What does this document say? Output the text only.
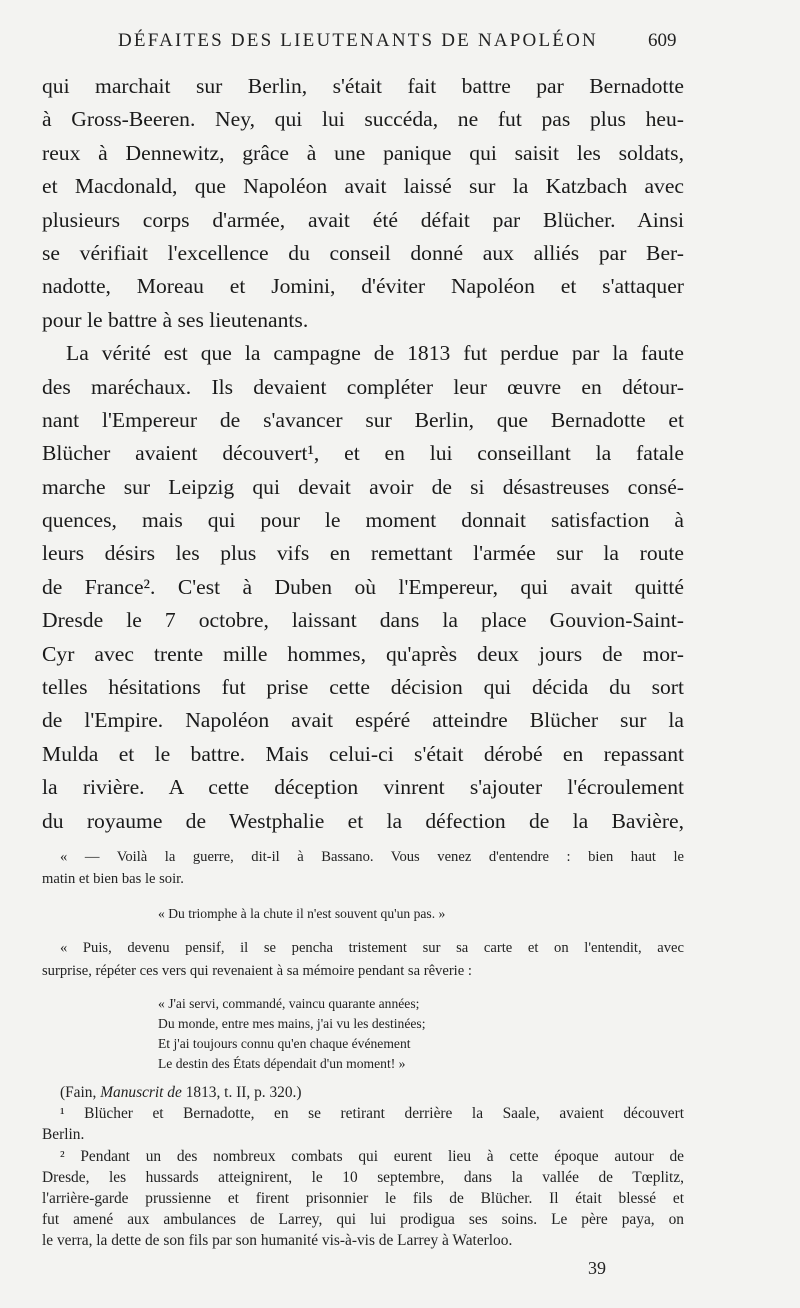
DÉFAITES DES LIEUTENANTS DE NAPOLÉON	609
qui marchait sur Berlin, s'était fait battre par Bernadotte
à Gross-Beeren. Ney, qui lui succéda, ne fut pas plus heu-
reux à Dennewitz, grâce à une panique qui saisit les soldats,
et Macdonald, que Napoléon avait laissé sur la Katzbach avec
plusieurs corps d'armée, avait été défait par Blücher. Ainsi
se vérifiait l'excellence du conseil donné aux alliés par Ber-
nadotte, Moreau et Jomini, d'éviter Napoléon et s'attaquer
pour le battre à ses lieutenants.
La vérité est que la campagne de 1813 fut perdue par la faute
des maréchaux. Ils devaient compléter leur œuvre en détour-
nant l'Empereur de s'avancer sur Berlin, que Bernadotte et
Blücher avaient découvert¹, et en lui conseillant la fatale
marche sur Leipzig qui devait avoir de si désastreuses consé-
quences, mais qui pour le moment donnait satisfaction à
leurs désirs les plus vifs en remettant l'armée sur la route
de France². C'est à Duben où l'Empereur, qui avait quitté
Dresde le 7 octobre, laissant dans la place Gouvion-Saint-
Cyr avec trente mille hommes, qu'après deux jours de mor-
telles hésitations fut prise cette décision qui décida du sort
de l'Empire. Napoléon avait espéré atteindre Blücher sur la
Mulda et le battre. Mais celui-ci s'était dérobé en repassant
la rivière. A cette déception vinrent s'ajouter l'écroulement
du royaume de Westphalie et la défection de la Bavière,
« — Voilà la guerre, dit-il à Bassano. Vous venez d'entendre : bien haut le
matin et bien bas le soir.
« Du triomphe à la chute il n'est souvent qu'un pas. »
« Puis, devenu pensif, il se pencha tristement sur sa carte et on l'entendit, avec
surprise, répéter ces vers qui revenaient à sa mémoire pendant sa rêverie :
« J'ai servi, commandé, vaincu quarante années;
Du monde, entre mes mains, j'ai vu les destinées;
Et j'ai toujours connu qu'en chaque événement
Le destin des États dépendait d'un moment! »
(Fain, Manuscrit de 1813, t. II, p. 320.)
¹ Blücher et Bernadotte, en se retirant derrière la Saale, avaient découvert
Berlin.
² Pendant un des nombreux combats qui eurent lieu à cette époque autour de
Dresde, les hussards atteignirent, le 10 septembre, dans la vallée de Tœplitz,
l'arrière-garde prussienne et firent prisonnier le fils de Blücher. Il était blessé et
fut amené aux ambulances de Larrey, qui lui prodigua ses soins. Le père paya, on
le verra, la dette de son fils par son humanité vis-à-vis de Larrey à Waterloo.
39
